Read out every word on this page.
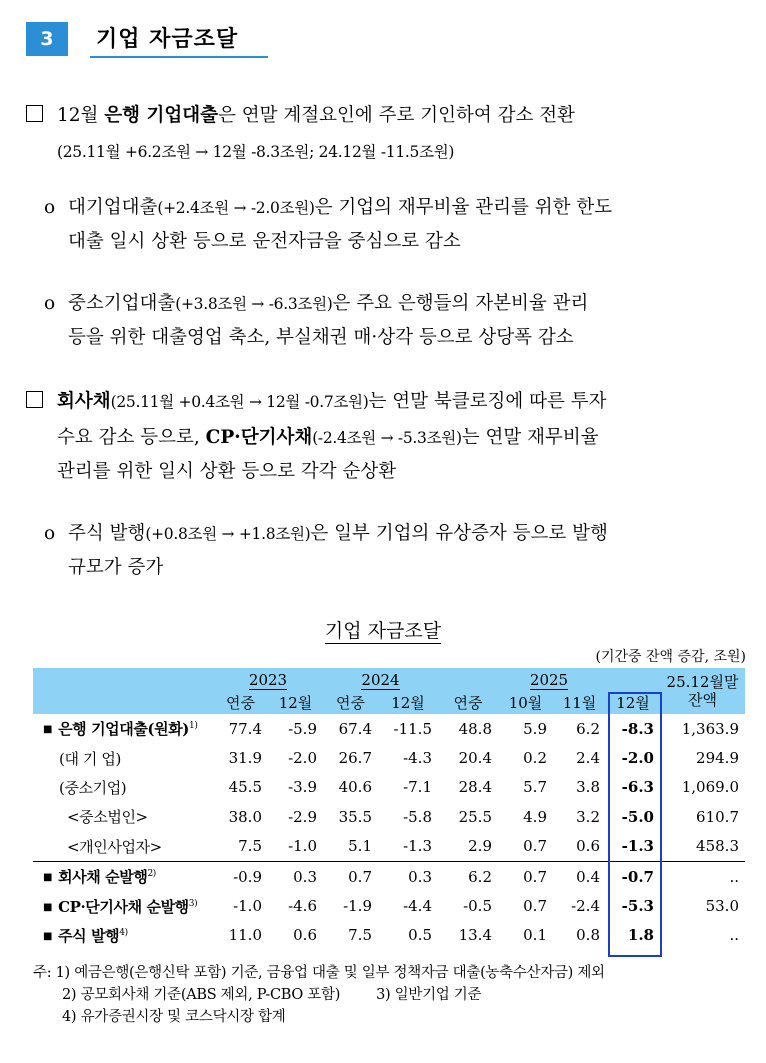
3	기업 자금조달
12월 은행 기업대출은 연말 계절요인에 주로 기인하여 감소 전환
(25.11월 +6.2조원 → 12월 -8.3조원; 24.12월 -11.5조원)
o 대기업대출(+2.4조원 → -2.0조원)은 기업의 재무비율 관리를 위한 한도
대출 일시 상환 등으로 운전자금을 중심으로 감소
o 중소기업대출(+3.8조원 → -6.3조원)은 주요 은행들의 자본비율 관리
등을 위한 대출영업 축소, 부실채권 매·상각 등으로 상당폭 감소
회사채(25.11월 +0.4조원 → 12월 -0.7조원)는 연말 북클로징에 따른 투자
수요 감소 등으로, CP·단기사채(-2.4조원 → -5.3조원)는 연말 재무비율
관리를 위한 일시 상환 등으로 각각 순상환
o 주식 발행(+0.8조원 → +1.8조원)은 일부 기업의 유상증자 등으로 발행
규모가 증가
기업 자금조달
(기간중 잔액 증감, 조원)
	2023		2024		2025				25.12월말
잔액
	연중	12월	연중	12월	연중	10월	11월	12월	
■ 은행 기업대출(원화)$^{1)}$	77.4	-5.9	67.4	-11.5	48.8	5.9	6.2	-8.3	1,363.9
(대 기 업)	31.9	-2.0	26.7	-4.3	20.4	0.2	2.4	-2.0	294.9
(중소기업)	45.5	-3.9	40.6	-7.1	28.4	5.7	3.8	-6.3	1,069.0
<중소법인>	38.0	-2.9	35.5	-5.8	25.5	4.9	3.2	-5.0	610.7
<개인사업자>	7.5	-1.0	5.1	-1.3	2.9	0.7	0.6	-1.3	458.3
■ 회사채 순발행$^{2)}$	-0.9	0.3	0.7	0.3	6.2	0.7	0.4	-0.7	..
■ CP·단기사채 순발행$^{3)}$	-1.0	-4.6	-1.9	-4.4	-0.5	0.7	-2.4	-5.3	53.0
■ 주식 발행$^{4)}$	11.0	0.6	7.5	0.5	13.4	0.1	0.8	1.8	..
주: 1) 예금은행(은행신탁 포함) 기준, 금융업 대출 및 일부 정책자금 대출(농축수산자금) 제외
2) 공모회사채 기준(ABS 제외, P-CBO 포함) 3) 일반기업 기준
4) 유가증권시장 및 코스닥시장 합계
